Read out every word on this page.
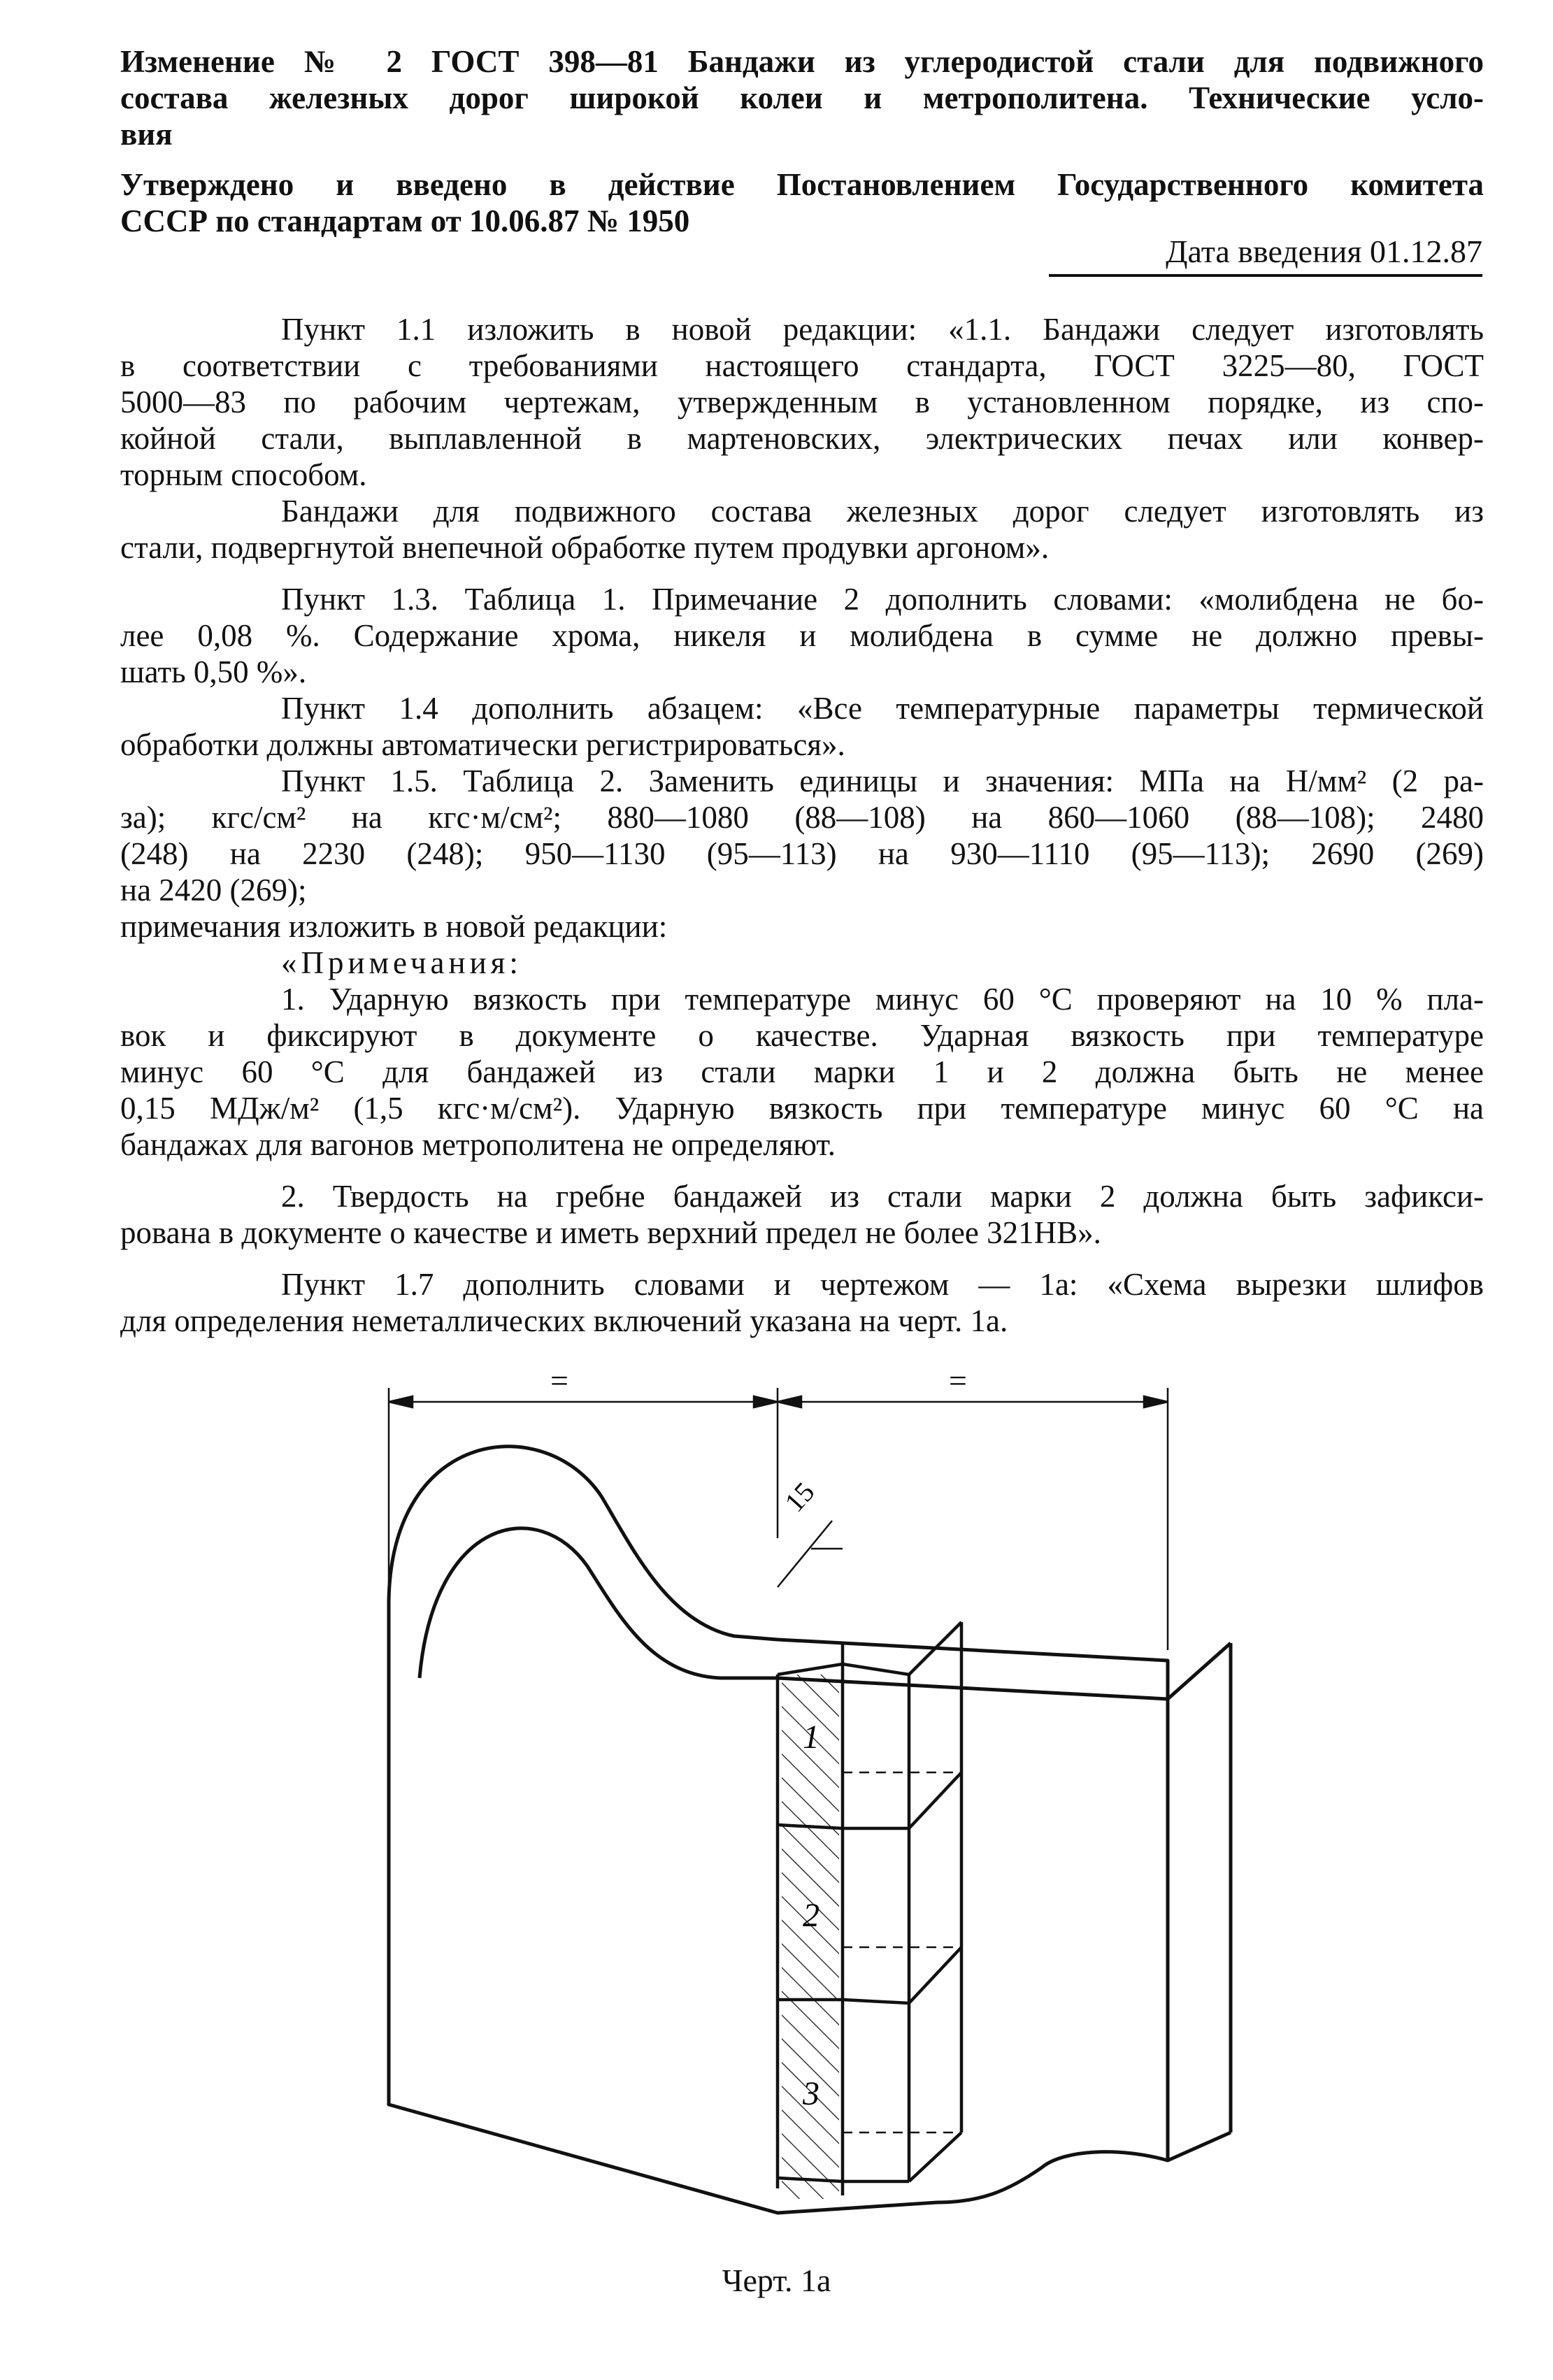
Изменение № 2 ГОСТ 398—81 Бандажи из углеродистой стали для подвижного
состава железных дорог широкой колеи и метрополитена. Технические усло-
вия
Утверждено и введено в действие Постановлением Государственного комитета
СССР по стандартам от 10.06.87 № 1950
Дата введения 01.12.87
Пункт 1.1 изложить в новой редакции: «1.1. Бандажи следует изготовлять
в соответствии с требованиями настоящего стандарта, ГОСТ 3225—80, ГОСТ
5000—83 по рабочим чертежам, утвержденным в установленном порядке, из спо-
койной стали, выплавленной в мартеновских, электрических печах или конвер-
торным способом.
Бандажи для подвижного состава железных дорог следует изготовлять из
стали, подвергнутой внепечной обработке путем продувки аргоном».
Пункт 1.3. Таблица 1. Примечание 2 дополнить словами: «молибдена не бо-
лее 0,08 %. Содержание хрома, никеля и молибдена в сумме не должно превы-
шать 0,50 %».
Пункт 1.4 дополнить абзацем: «Все температурные параметры термической
обработки должны автоматически регистрироваться».
Пункт 1.5. Таблица 2. Заменить единицы и значения: МПа на Н/мм² (2 ра-
за); кгс/см² на кгс·м/см²; 880—1080 (88—108) на 860—1060 (88—108); 2480
(248) на 2230 (248); 950—1130 (95—113) на 930—1110 (95—113); 2690 (269)
на 2420 (269);
примечания изложить в новой редакции:
«Примечания:
1. Ударную вязкость при температуре минус 60 °С проверяют на 10 % пла-
вок и фиксируют в документе о качестве. Ударная вязкость при температуре
минус 60 °С для бандажей из стали марки 1 и 2 должна быть не менее
0,15 МДж/м² (1,5 кгс·м/см²). Ударную вязкость при температуре минус 60 °С на
бандажах для вагонов метрополитена не определяют.
2. Твердость на гребне бандажей из стали марки 2 должна быть зафикси-
рована в документе о качестве и иметь верхний предел не более 321НВ».
Пункт 1.7 дополнить словами и чертежом — 1а: «Схема вырезки шлифов
для определения неметаллических включений указана на черт. 1а.
=	=
15
1
2
3
Черт. 1а
